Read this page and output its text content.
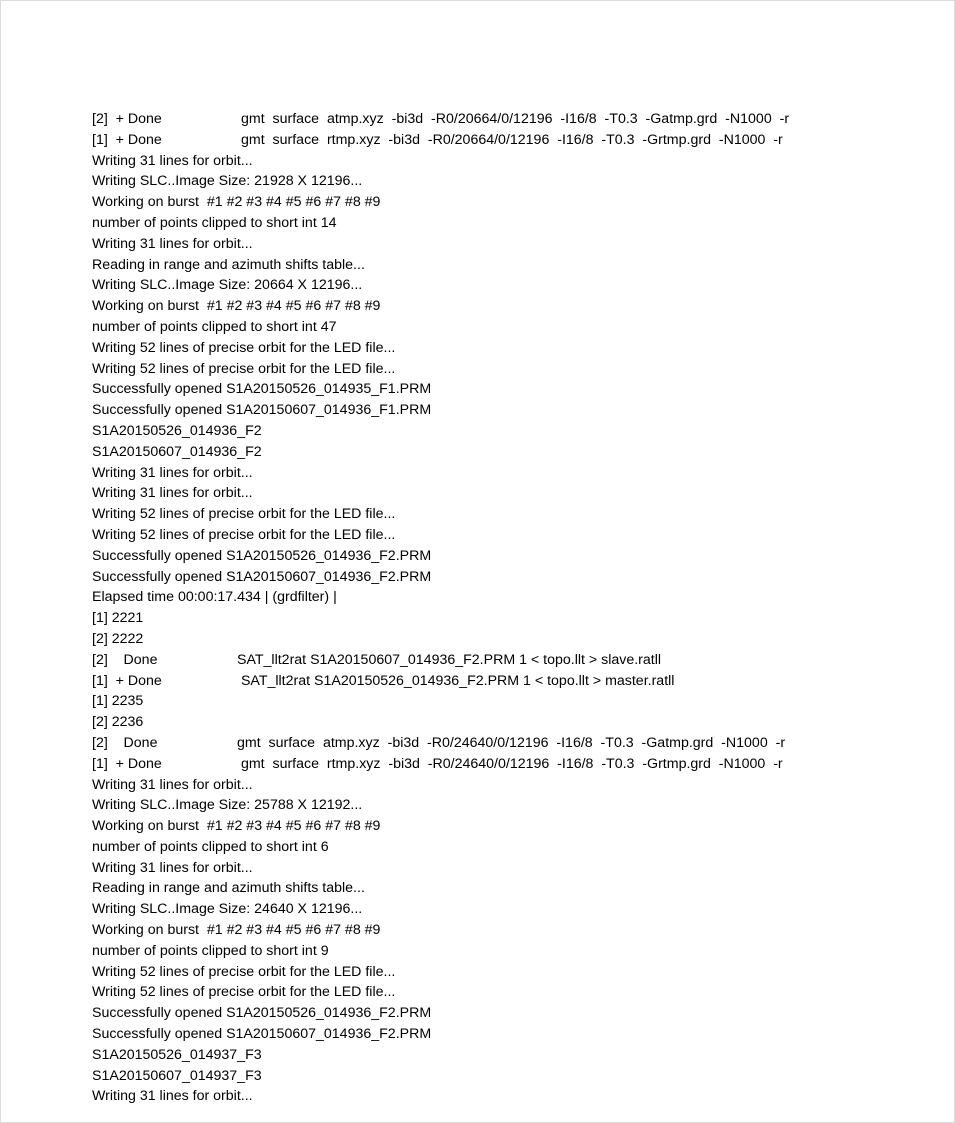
[2]  + Done	gmt  surface  atmp.xyz  -bi3d  -R0/20664/0/12196  -I16/8  -T0.3  -Gatmp.grd  -N1000  -r
[1]  + Done	gmt  surface  rtmp.xyz  -bi3d  -R0/20664/0/12196  -I16/8  -T0.3  -Grtmp.grd  -N1000  -r
Writing 31 lines for orbit...
Writing SLC..Image Size: 21928 X 12196...
Working on burst  #1 #2 #3 #4 #5 #6 #7 #8 #9
number of points clipped to short int 14
Writing 31 lines for orbit...
Reading in range and azimuth shifts table...
Writing SLC..Image Size: 20664 X 12196...
Working on burst  #1 #2 #3 #4 #5 #6 #7 #8 #9
number of points clipped to short int 47
Writing 52 lines of precise orbit for the LED file...
Writing 52 lines of precise orbit for the LED file...
Successfully opened S1A20150526_014935_F1.PRM
Successfully opened S1A20150607_014936_F1.PRM
S1A20150526_014936_F2
S1A20150607_014936_F2
Writing 31 lines for orbit...
Writing 31 lines for orbit...
Writing 52 lines of precise orbit for the LED file...
Writing 52 lines of precise orbit for the LED file...
Successfully opened S1A20150526_014936_F2.PRM
Successfully opened S1A20150607_014936_F2.PRM
Elapsed time 00:00:17.434 | (grdfilter) |
[1] 2221
[2] 2222
[2]    Done	SAT_llt2rat S1A20150607_014936_F2.PRM 1 < topo.llt > slave.ratll
[1]  + Done	SAT_llt2rat S1A20150526_014936_F2.PRM 1 < topo.llt > master.ratll
[1] 2235
[2] 2236
[2]    Done	gmt  surface  atmp.xyz  -bi3d  -R0/24640/0/12196  -I16/8  -T0.3  -Gatmp.grd  -N1000  -r
[1]  + Done	gmt  surface  rtmp.xyz  -bi3d  -R0/24640/0/12196  -I16/8  -T0.3  -Grtmp.grd  -N1000  -r
Writing 31 lines for orbit...
Writing SLC..Image Size: 25788 X 12192...
Working on burst  #1 #2 #3 #4 #5 #6 #7 #8 #9
number of points clipped to short int 6
Writing 31 lines for orbit...
Reading in range and azimuth shifts table...
Writing SLC..Image Size: 24640 X 12196...
Working on burst  #1 #2 #3 #4 #5 #6 #7 #8 #9
number of points clipped to short int 9
Writing 52 lines of precise orbit for the LED file...
Writing 52 lines of precise orbit for the LED file...
Successfully opened S1A20150526_014936_F2.PRM
Successfully opened S1A20150607_014936_F2.PRM
S1A20150526_014937_F3
S1A20150607_014937_F3
Writing 31 lines for orbit...
